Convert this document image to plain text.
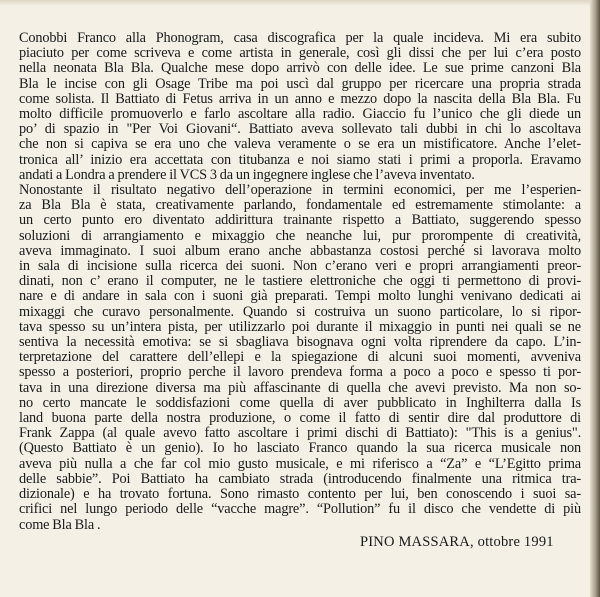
Conobbi Franco alla Phonogram, casa discografica per la quale incideva. Mi era subito
piaciuto per come scriveva e come artista in generale, così gli dissi che per lui c’era posto
nella neonata Bla Bla. Qualche mese dopo arrivò con delle idee. Le sue prime canzoni Bla
Bla le incise con gli Osage Tribe ma poi uscì dal gruppo per ricercare una propria strada
come solista. Il Battiato di Fetus arriva in un anno e mezzo dopo la nascita della Bla Bla. Fu
molto difficile promuoverlo e farlo ascoltare alla radio. Giaccio fu l’unico che gli diede un
po’ di spazio in "Per Voi Giovani“. Battiato aveva sollevato tali dubbi in chi lo ascoltava
che non si capiva se era uno che valeva veramente o se era un mistificatore. Anche l’elet-
tronica all’ inizio era accettata con titubanza e noi siamo stati i primi a proporla. Eravamo
andati a Londra a prendere il VCS 3 da un ingegnere inglese che l’aveva inventato.
Nonostante il risultato negativo dell’operazione in termini economici, per me l’esperien-
za Bla Bla è stata, creativamente parlando, fondamentale ed estremamente stimolante: a
un certo punto ero diventato addirittura trainante rispetto a Battiato, suggerendo spesso
soluzioni di arrangiamento e mixaggio che neanche lui, pur prorompente di creatività,
aveva immaginato. I suoi album erano anche abbastanza costosi perché si lavorava molto
in sala di incisione sulla ricerca dei suoni. Non c’erano veri e propri arrangiamenti preor-
dinati, non c’ erano il computer, ne le tastiere elettroniche che oggi ti permettono di provi-
nare e di andare in sala con i suoni già preparati. Tempi molto lunghi venivano dedicati ai
mixaggi che curavo personalmente. Quando si costruiva un suono particolare, lo si ripor-
tava spesso su un’intera pista, per utilizzarlo poi durante il mixaggio in punti nei quali se ne
sentiva la necessità emotiva: se si sbagliava bisognava ogni volta riprendere da capo. L’in-
terpretazione del carattere dell’ellepi e la spiegazione di alcuni suoi momenti, avveniva
spesso a posteriori, proprio perche il lavoro prendeva forma a poco a poco e spesso ti por-
tava in una direzione diversa ma più affascinante di quella che avevi previsto. Ma non so-
no certo mancate le soddisfazioni come quella di aver pubblicato in Inghilterra dalla Is
land buona parte della nostra produzione, o come il fatto di sentir dire dal produttore di
Frank Zappa (al quale avevo fatto ascoltare i primi dischi di Battiato): "This is a genius".
(Questo Battiato è un genio). Io ho lasciato Franco quando la sua ricerca musicale non
aveva più nulla a che far col mio gusto musicale, e mi riferisco a “Za” e “L’Egitto prima
delle sabbie”. Poi Battiato ha cambiato strada (introducendo finalmente una ritmica tra-
dizionale) e ha trovato fortuna. Sono rimasto contento per lui, ben conoscendo i suoi sa-
crifici nel lungo periodo delle “vacche magre”. “Pollution” fu il disco che vendette di più
come Bla Bla .

PINO MASSARA, ottobre 1991
